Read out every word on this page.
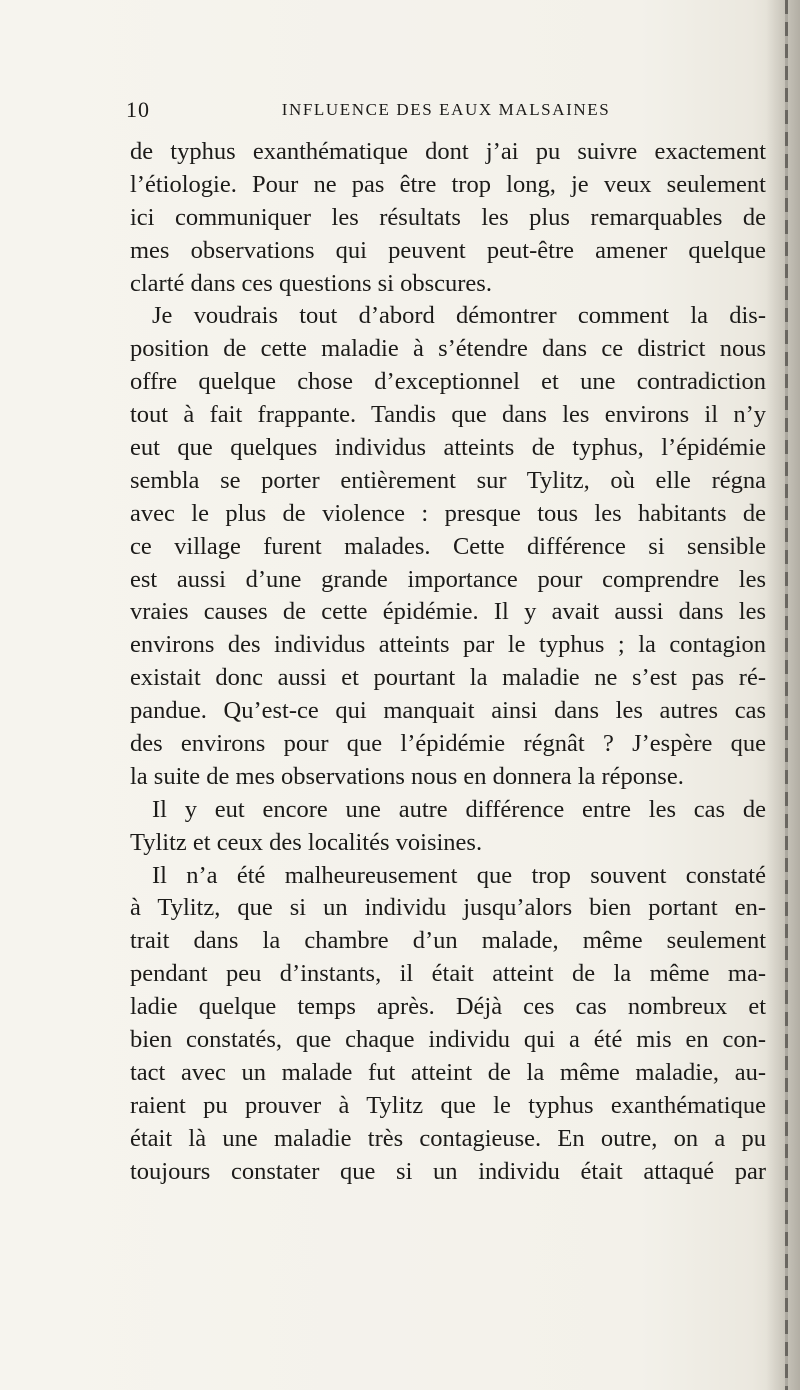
10	INFLUENCE DES EAUX MALSAINES
de typhus exanthématique dont j’ai pu suivre exactement
l’étiologie. Pour ne pas être trop long, je veux seulement
ici communiquer les résultats les plus remarquables de
mes observations qui peuvent peut-être amener quelque
clarté dans ces questions si obscures.
Je voudrais tout d’abord démontrer comment la dis-
position de cette maladie à s’étendre dans ce district nous
offre quelque chose d’exceptionnel et une contradiction
tout à fait frappante. Tandis que dans les environs il n’y
eut que quelques individus atteints de typhus, l’épidémie
sembla se porter entièrement sur Tylitz, où elle régna
avec le plus de violence : presque tous les habitants de
ce village furent malades. Cette différence si sensible
est aussi d’une grande importance pour comprendre les
vraies causes de cette épidémie. Il y avait aussi dans les
environs des individus atteints par le typhus ; la contagion
existait donc aussi et pourtant la maladie ne s’est pas ré-
pandue. Qu’est-ce qui manquait ainsi dans les autres cas
des environs pour que l’épidémie régnât ? J’espère que
la suite de mes observations nous en donnera la réponse.
Il y eut encore une autre différence entre les cas de
Tylitz et ceux des localités voisines.
Il n’a été malheureusement que trop souvent constaté
à Tylitz, que si un individu jusqu’alors bien portant en-
trait dans la chambre d’un malade, même seulement
pendant peu d’instants, il était atteint de la même ma-
ladie quelque temps après. Déjà ces cas nombreux et
bien constatés, que chaque individu qui a été mis en con-
tact avec un malade fut atteint de la même maladie, au-
raient pu prouver à Tylitz que le typhus exanthématique
était là une maladie très contagieuse. En outre, on a pu
toujours constater que si un individu était attaqué par
